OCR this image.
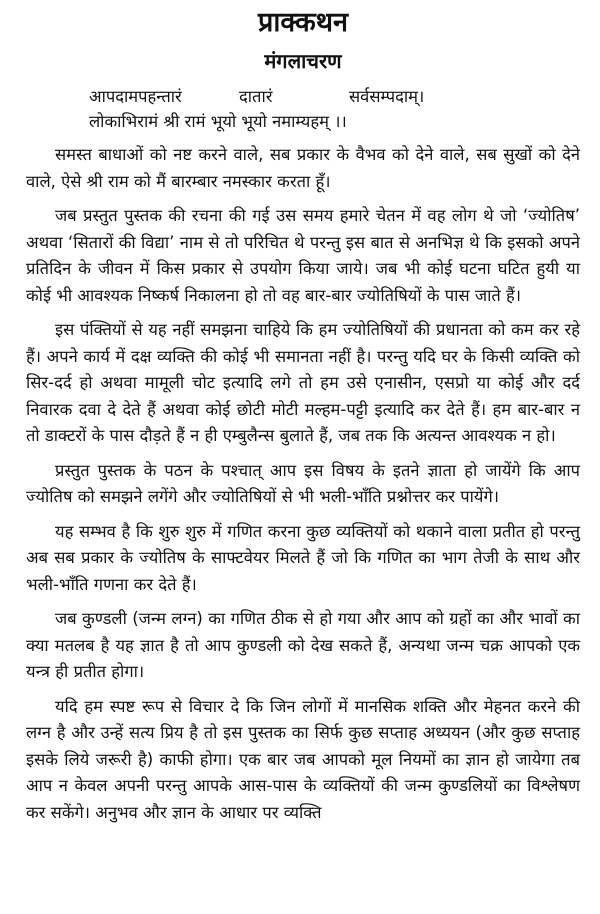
प्राक्कथन
मंगलाचरण
आपदामपहन्तारं	दातारं	सर्वसम्पदाम्।
लोकाभिरामं श्री रामं भूयो भूयो नमाम्यहम् ।।

समस्त बाधाओं को नष्ट करने वाले, सब प्रकार के वैभव को देने वाले, सब सुखों को देने वाले, ऐसे श्री राम को मैं बारम्बार नमस्कार करता हूँ।

जब प्रस्तुत पुस्तक की रचना की गई उस समय हमारे चेतन में वह लोग थे जो ‘ज्योतिष’ अथवा ‘सितारों की विद्या’ नाम से तो परिचित थे परन्तु इस बात से अनभिज्ञ थे कि इसको अपने प्रतिदिन के जीवन में किस प्रकार से उपयोग किया जाये। जब भी कोई घटना घटित हुयी या कोई भी आवश्यक निष्कर्ष निकालना हो तो वह बार-बार ज्योतिषियों के पास जाते हैं।

इस पंक्तियों से यह नहीं समझना चाहिये कि हम ज्योतिषियों की प्रधानता को कम कर रहे हैं। अपने कार्य में दक्ष व्यक्ति की कोई भी समानता नहीं है। परन्तु यदि घर के किसी व्यक्ति को सिर-दर्द हो अथवा मामूली चोट इत्यादि लगे तो हम उसे एनासीन, एसप्रो या कोई और दर्द निवारक दवा दे देते हैं अथवा कोई छोटी मोटी मल्हम-पट्टी इत्यादि कर देते हैं। हम बार-बार न तो डाक्टरों के पास दौड़ते हैं न ही एम्बुलैन्स बुलाते हैं, जब तक कि अत्यन्त आवश्यक न हो।

प्रस्तुत पुस्तक के पठन के पश्चात् आप इस विषय के इतने ज्ञाता हो जायेंगे कि आप ज्योतिष को समझने लगेंगे और ज्योतिषियों से भी भली-भाँति प्रश्नोत्तर कर पायेंगे।

यह सम्भव है कि शुरु शुरु में गणित करना कुछ व्यक्तियों को थकाने वाला प्रतीत हो परन्तु अब सब प्रकार के ज्योतिष के साफ्टवेयर मिलते हैं जो कि गणित का भाग तेजी के साथ और भली-भाँति गणना कर देते हैं।

जब कुण्डली (जन्म लग्न) का गणित ठीक से हो गया और आप को ग्रहों का और भावों का क्या मतलब है यह ज्ञात है तो आप कुण्डली को देख सकते हैं, अन्यथा जन्म चक्र आपको एक यन्त्र ही प्रतीत होगा।

यदि हम स्पष्ट रूप से विचार दे कि जिन लोगों में मानसिक शक्ति और मेहनत करने की लग्न है और उन्हें सत्य प्रिय है तो इस पुस्तक का सिर्फ कुछ सप्ताह अध्ययन (और कुछ सप्ताह इसके लिये जरूरी है) काफी होगा। एक बार जब आपको मूल नियमों का ज्ञान हो जायेगा तब आप न केवल अपनी परन्तु आपके आस-पास के व्यक्तियों की जन्म कुण्डलियों का विश्लेषण कर सकेंगे। अनुभव और ज्ञान के आधार पर व्यक्ति
